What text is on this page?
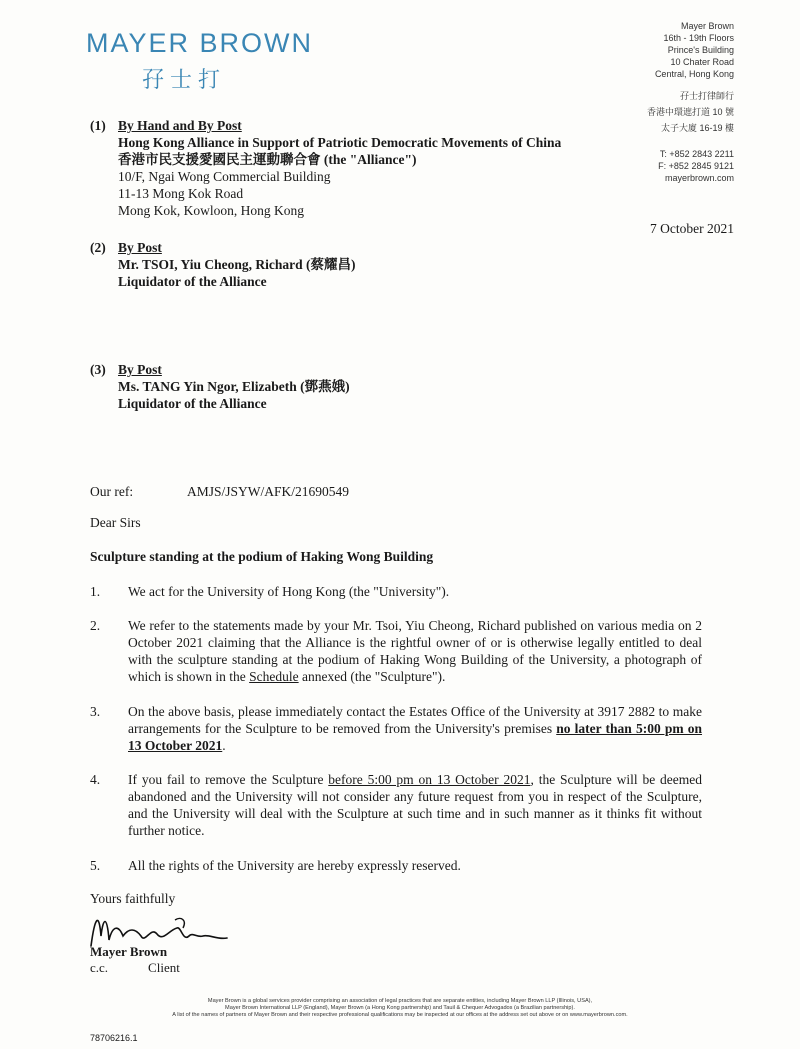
MAYER BROWN
孖士打
Mayer Brown
16th - 19th Floors
Prince's Building
10 Chater Road
Central, Hong Kong
孖士打律師行
香港中環遮打道 10 號
太子大廈 16-19 樓
T: +852 2843 2211
F: +852 2845 9121
mayerbrown.com
7 October 2021
(1) By Hand and By Post
Hong Kong Alliance in Support of Patriotic Democratic Movements of China
香港市民支援愛國民主運動聯合會 (the "Alliance")
10/F, Ngai Wong Commercial Building
11-13 Mong Kok Road
Mong Kok, Kowloon, Hong Kong
(2) By Post
Mr. TSOI, Yiu Cheong, Richard (蔡耀昌)
Liquidator of the Alliance
(3) By Post
Ms. TANG Yin Ngor, Elizabeth (鄧燕娥)
Liquidator of the Alliance
Our ref:	AMJS/JSYW/AFK/21690549
Dear Sirs
Sculpture standing at the podium of Haking Wong Building
1. We act for the University of Hong Kong (the "University").
2. We refer to the statements made by your Mr. Tsoi, Yiu Cheong, Richard published on various media on 2 October 2021 claiming that the Alliance is the rightful owner of or is otherwise legally entitled to deal with the sculpture standing at the podium of Haking Wong Building of the University, a photograph of which is shown in the Schedule annexed (the "Sculpture").
3. On the above basis, please immediately contact the Estates Office of the University at 3917 2882 to make arrangements for the Sculpture to be removed from the University's premises no later than 5:00 pm on 13 October 2021.
4. If you fail to remove the Sculpture before 5:00 pm on 13 October 2021, the Sculpture will be deemed abandoned and the University will not consider any future request from you in respect of the Sculpture, and the University will deal with the Sculpture at such time and in such manner as it thinks fit without further notice.
5. All the rights of the University are hereby expressly reserved.
Yours faithfully
Mayer Brown
c.c.	Client
Mayer Brown is a global services provider comprising an association of legal practices that are separate entities, including Mayer Brown LLP (Illinois, USA),
Mayer Brown International LLP (England), Mayer Brown (a Hong Kong partnership) and Tauil & Chequer Advogados (a Brazilian partnership).
A list of the names of partners of Mayer Brown and their respective professional qualifications may be inspected at our offices at the address set out above or on www.mayerbrown.com.
78706216.1
